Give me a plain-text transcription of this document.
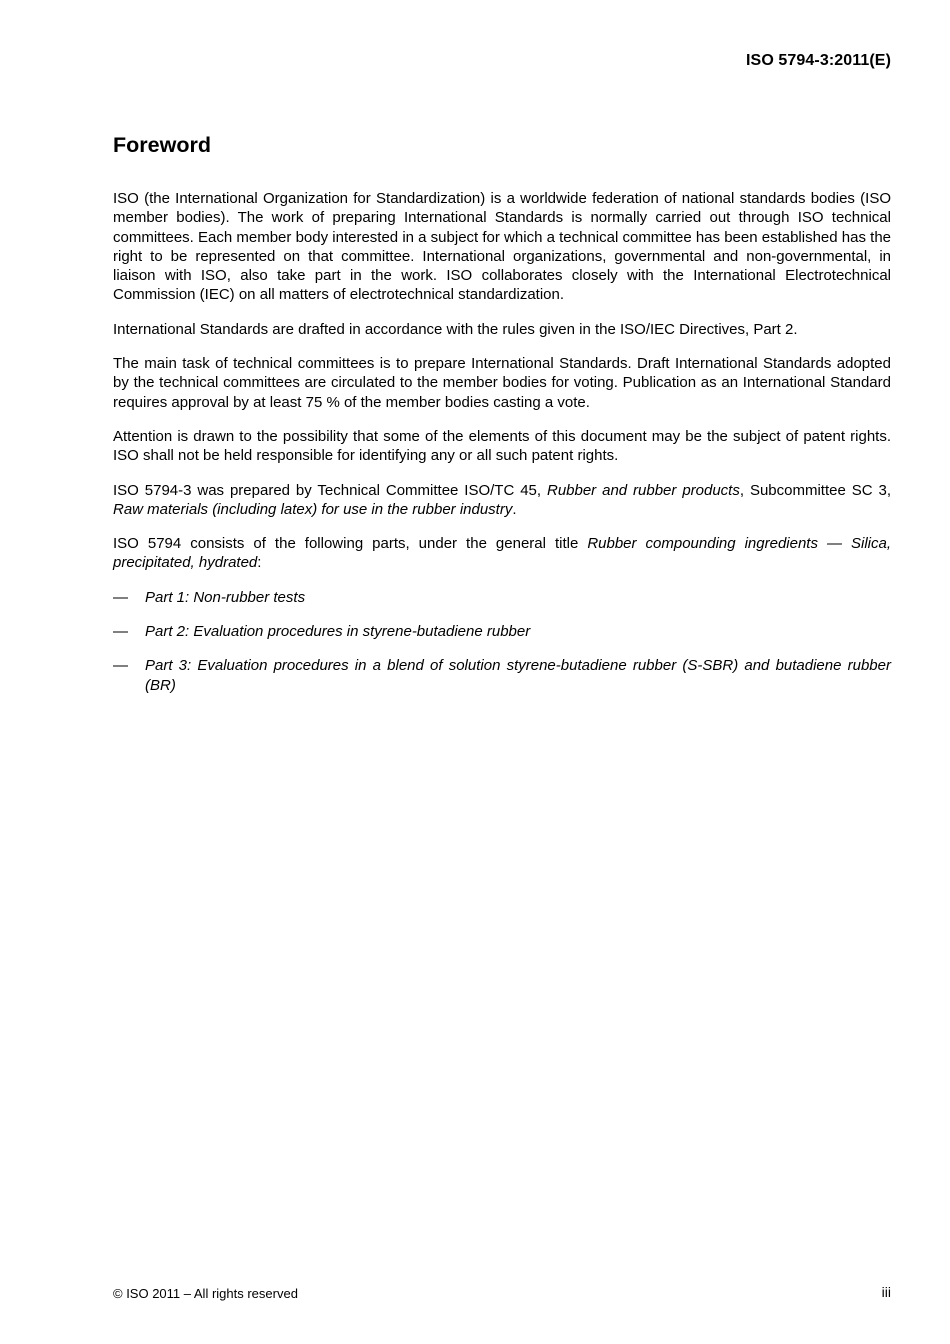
ISO 5794-3:2011(E)
Foreword

ISO (the International Organization for Standardization) is a worldwide federation of national standards bodies (ISO member bodies). The work of preparing International Standards is normally carried out through ISO technical committees. Each member body interested in a subject for which a technical committee has been established has the right to be represented on that committee. International organizations, governmental and non-governmental, in liaison with ISO, also take part in the work. ISO collaborates closely with the International Electrotechnical Commission (IEC) on all matters of electrotechnical standardization.

International Standards are drafted in accordance with the rules given in the ISO/IEC Directives, Part 2.

The main task of technical committees is to prepare International Standards. Draft International Standards adopted by the technical committees are circulated to the member bodies for voting. Publication as an International Standard requires approval by at least 75 % of the member bodies casting a vote.

Attention is drawn to the possibility that some of the elements of this document may be the subject of patent rights. ISO shall not be held responsible for identifying any or all such patent rights.

ISO 5794-3 was prepared by Technical Committee ISO/TC 45, Rubber and rubber products, Subcommittee SC 3, Raw materials (including latex) for use in the rubber industry.

ISO 5794 consists of the following parts, under the general title Rubber compounding ingredients — Silica, precipitated, hydrated:

—	Part 1: Non-rubber tests
—	Part 2: Evaluation procedures in styrene-butadiene rubber
—	Part 3: Evaluation procedures in a blend of solution styrene-butadiene rubber (S-SBR) and butadiene rubber (BR)
© ISO 2011 – All rights reserved	iii
